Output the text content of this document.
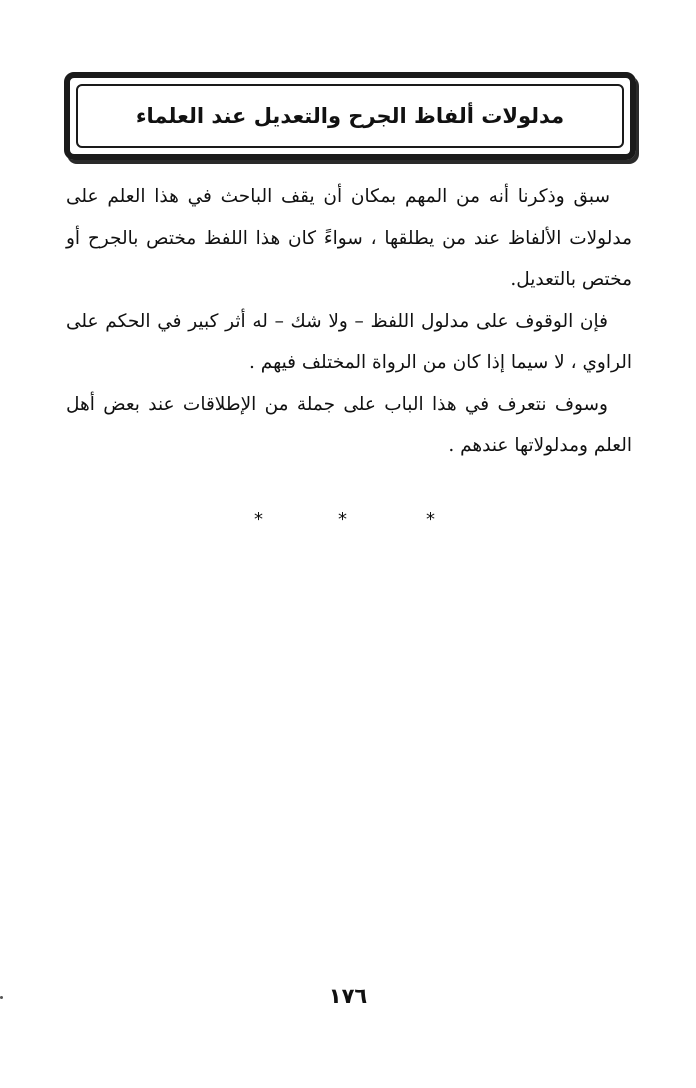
مدلولات ألفاظ الجرح والتعديل عند العلماء

سبق وذكرنا أنه من المهم بمكان أن يقف الباحث في هذا العلم على مدلولات الألفاظ عند من يطلقها ، سواءً كان هذا اللفظ مختص بالجرح أو مختص بالتعديل.

فإن الوقوف على مدلول اللفظ – ولا شك – له أثر كبير في الحكم على الراوي ، لا سيما إذا كان من الرواة المختلف فيهم .

وسوف نتعرف في هذا الباب على جملة من الإطلاقات عند بعض أهل العلم ومدلولاتها عندهم .

*
*
*
١٧٦
